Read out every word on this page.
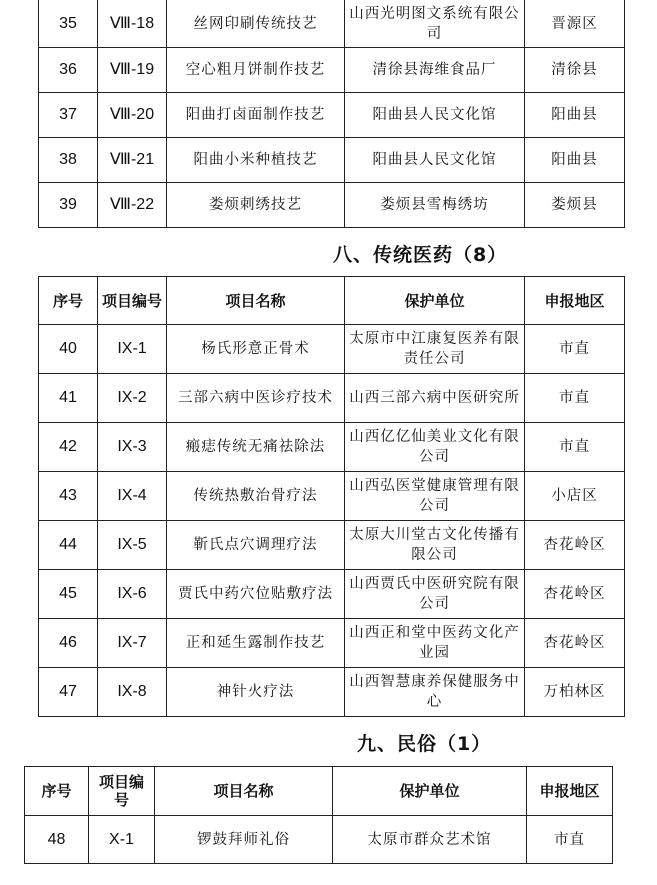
35	Ⅷ-18	丝网印刷传统技艺	山西光明图文系统有限公司	晋源区
36	Ⅷ-19	空心粗月饼制作技艺	清徐县海维食品厂	清徐县
37	Ⅷ-20	阳曲打卤面制作技艺	阳曲县人民文化馆	阳曲县
38	Ⅷ-21	阳曲小米种植技艺	阳曲县人民文化馆	阳曲县
39	Ⅷ-22	娄烦刺绣技艺	娄烦县雪梅绣坊	娄烦县
八、传统医药（8）
序号	项目编号	项目名称	保护单位	申报地区
40	IX-1	杨氏形意正骨术	太原市中江康复医养有限责任公司	市直
41	IX-2	三部六病中医诊疗技术	山西三部六病中医研究所	市直
42	IX-3	瘢痣传统无痛祛除法	山西亿亿仙美业文化有限公司	市直
43	IX-4	传统热敷治骨疗法	山西弘医堂健康管理有限公司	小店区
44	IX-5	靳氏点穴调理疗法	太原大川堂古文化传播有限公司	杏花岭区
45	IX-6	贾氏中药穴位贴敷疗法	山西贾氏中医研究院有限公司	杏花岭区
46	IX-7	正和延生露制作技艺	山西正和堂中医药文化产业园	杏花岭区
47	IX-8	神针火疗法	山西智慧康养保健服务中心	万柏林区
九、民俗（1）
序号	项目编号	项目名称	保护单位	申报地区
48	X-1	锣鼓拜师礼俗	太原市群众艺术馆	市直
